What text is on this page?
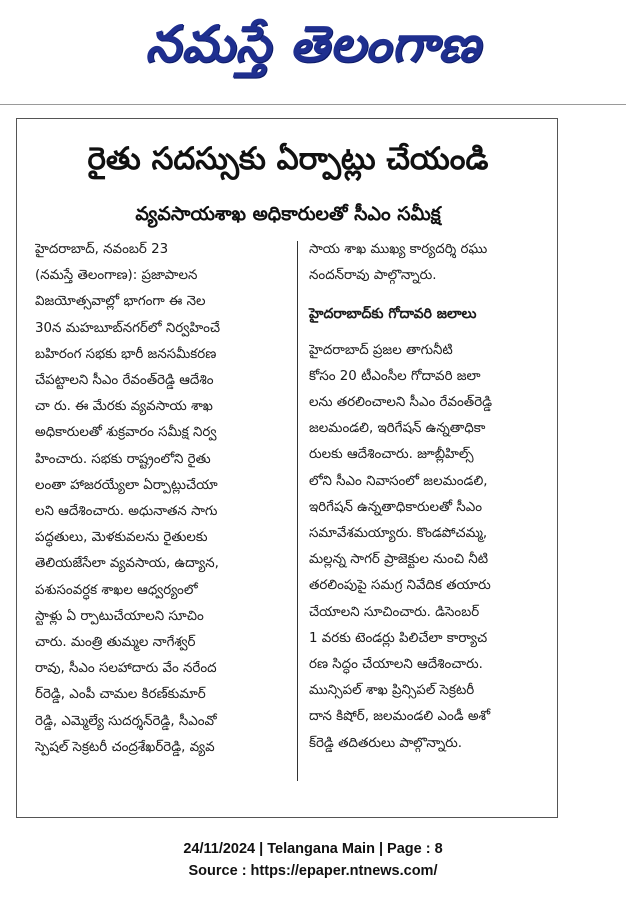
నమస్తే తెలంగాణ
రైతు సదస్సుకు ఏర్పాట్లు చేయండి
వ్యవసాయశాఖ అధికారులతో సీఎం సమీక్ష
హైదరాబాద్, నవంబర్ 23
(నమస్తే తెలంగాణ): ప్రజాపాలన
విజయోత్సవాల్లో భాగంగా ఈ నెల
30న మహబూబ్‌నగర్‌లో నిర్వహించే
బహిరంగ సభకు భారీ జనసమీకరణ
చేపట్టాలని సీఎం రేవంత్‌రెడ్డి ఆదేశిం
చా రు. ఈ మేరకు వ్యవసాయ శాఖ
అధికారులతో శుక్రవారం సమీక్ష నిర్వ
హించారు. సభకు రాష్ట్రంలోని రైతు
లంతా హాజరయ్యేలా ఏర్పాట్లుచేయా
లని ఆదేశించారు. అధునాతన సాగు
పద్ధతులు, మెళకువలను రైతులకు
తెలియజేసేలా వ్యవసాయ, ఉద్యాన,
పశుసంవర్ధక శాఖల ఆధ్వర్యంలో
స్టాళ్లు ఏ ర్పాటుచేయాలని సూచిం
చారు. మంత్రి తుమ్మల నాగేశ్వర్
రావు, సీఎం సలహాదారు వేం నరేంద
ర్‌రెడ్డి, ఎంపీ చామల కిరణ్‌కుమార్
రెడ్డి, ఎమ్మెల్యే సుదర్శన్‌రెడ్డి, సీఎంవో
స్పెషల్ సెక్రటరీ చంద్రశేఖర్‌రెడ్డి, వ్యవ
సాయ శాఖ ముఖ్య కార్యదర్శి రఘు
నందన్‌రావు పాల్గొన్నారు.
హైదరాబాద్‌కు గోదావరి జలాలు
హైదరాబాద్ ప్రజల తాగునీటి
కోసం 20 టీఎంసీల గోదావరి జలా
లను తరలించాలని సీఎం రేవంత్‌రెడ్డి
జలమండలి, ఇరిగేషన్ ఉన్నతాధికా
రులకు ఆదేశించారు. జూబ్లీహిల్స్
లోని సీఎం నివాసంలో జలమండలి,
ఇరిగేషన్ ఉన్నతాధికారులతో సీఎం
సమావేశమయ్యారు. కొండపోచమ్మ,
మల్లన్న సాగర్ ప్రాజెక్టుల నుంచి నీటి
తరలింపుపై సమగ్ర నివేదిక తయారు
చేయాలని సూచించారు. డిసెంబర్
1 వరకు టెండర్లు పిలిచేలా కార్యాచ
రణ సిద్ధం చేయాలని ఆదేశించారు.
మున్సిపల్ శాఖ ప్రిన్సిపల్ సెక్రటరీ
దాన కిషోర్, జలమండలి ఎండీ అశో
క్‌రెడ్డి తదితరులు పాల్గొన్నారు.
24/11/2024 | Telangana Main | Page : 8
Source : https://epaper.ntnews.com/
